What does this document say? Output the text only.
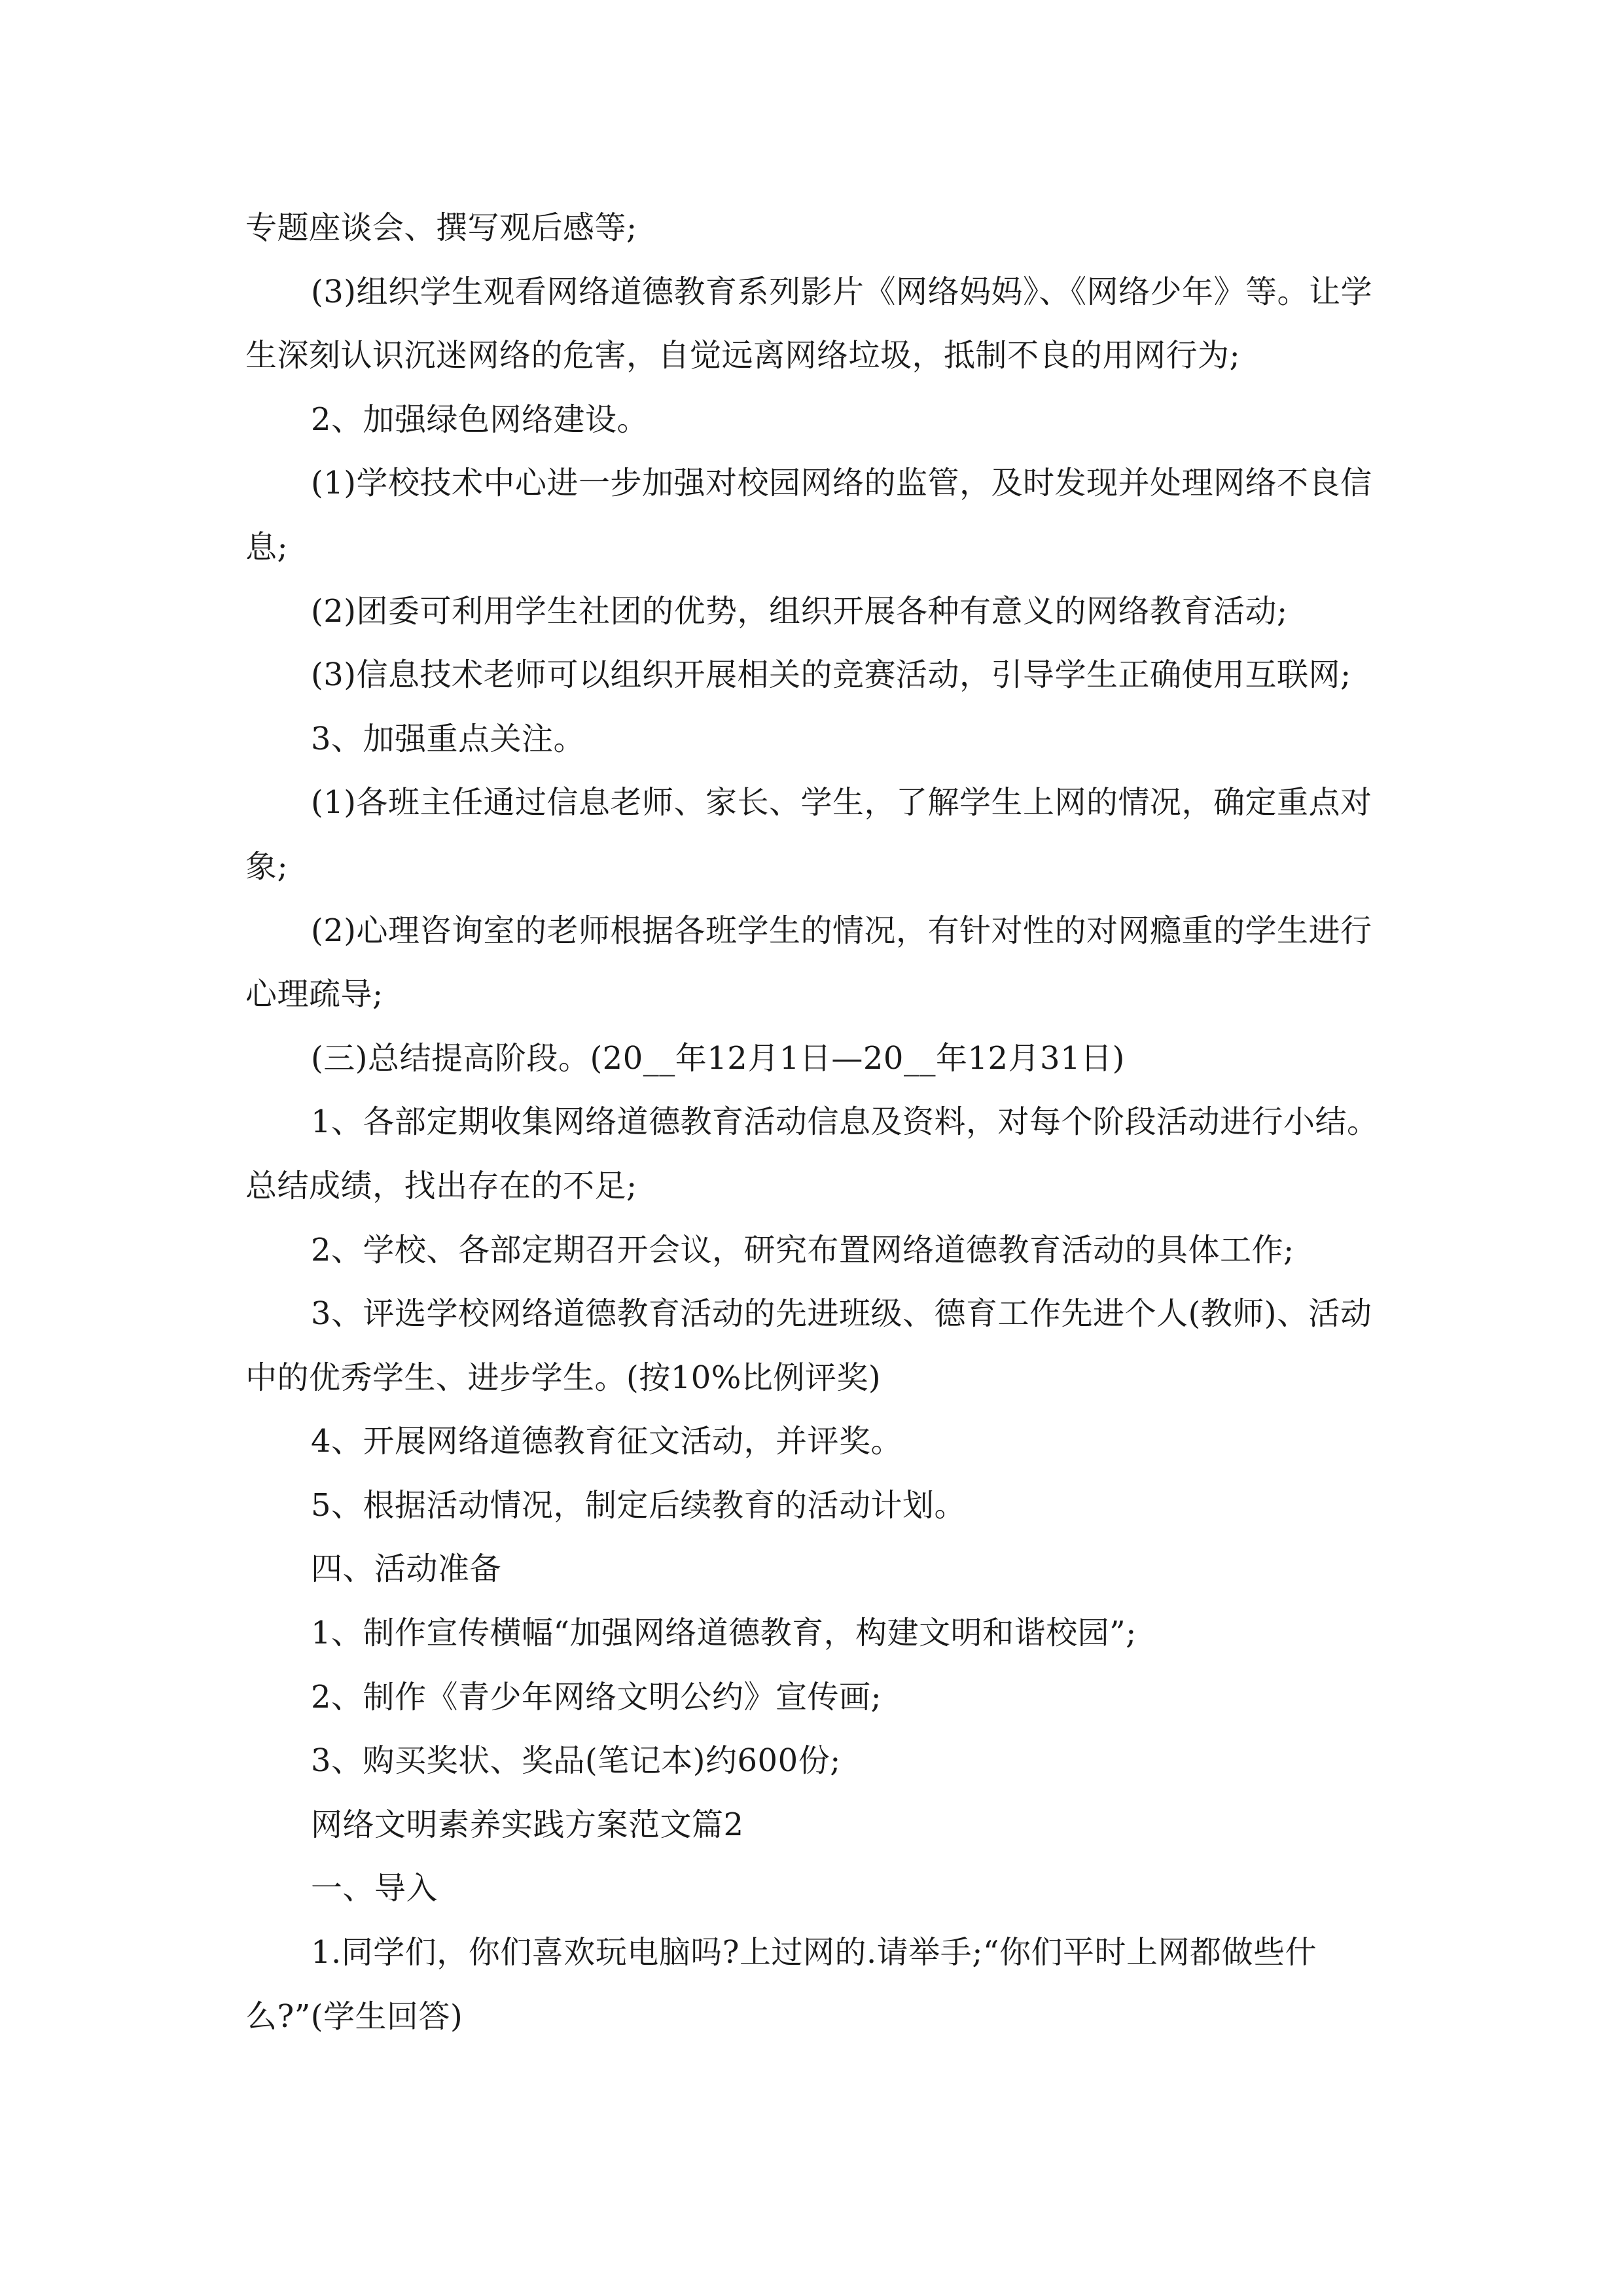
专题座谈会、撰写观后感等;

(3)组织学生观看网络道德教育系列影片《网络妈妈》、《网络少年》等。让学生深刻认识沉迷网络的危害，自觉远离网络垃圾，抵制不良的用网行为;

2、加强绿色网络建设。

(1)学校技术中心进一步加强对校园网络的监管，及时发现并处理网络不良信息;

(2)团委可利用学生社团的优势，组织开展各种有意义的网络教育活动;

(3)信息技术老师可以组织开展相关的竞赛活动，引导学生正确使用互联网;

3、加强重点关注。

(1)各班主任通过信息老师、家长、学生，了解学生上网的情况，确定重点对象;

(2)心理咨询室的老师根据各班学生的情况，有针对性的对网瘾重的学生进行心理疏导;

(三)总结提高阶段。(20__年12月1日—20__年12月31日)

1、各部定期收集网络道德教育活动信息及资料，对每个阶段活动进行小结。总结成绩，找出存在的不足;

2、学校、各部定期召开会议，研究布置网络道德教育活动的具体工作;

3、评选学校网络道德教育活动的先进班级、德育工作先进个人(教师)、活动中的优秀学生、进步学生。(按10%比例评奖)

4、开展网络道德教育征文活动，并评奖。

5、根据活动情况，制定后续教育的活动计划。

四、活动准备

1、制作宣传横幅“加强网络道德教育，构建文明和谐校园”;

2、制作《青少年网络文明公约》宣传画;

3、购买奖状、奖品(笔记本)约600份;

网络文明素养实践方案范文篇2

一、导入

1.同学们，你们喜欢玩电脑吗?上过网的.请举手;“你们平时上网都做些什么?”(学生回答)
